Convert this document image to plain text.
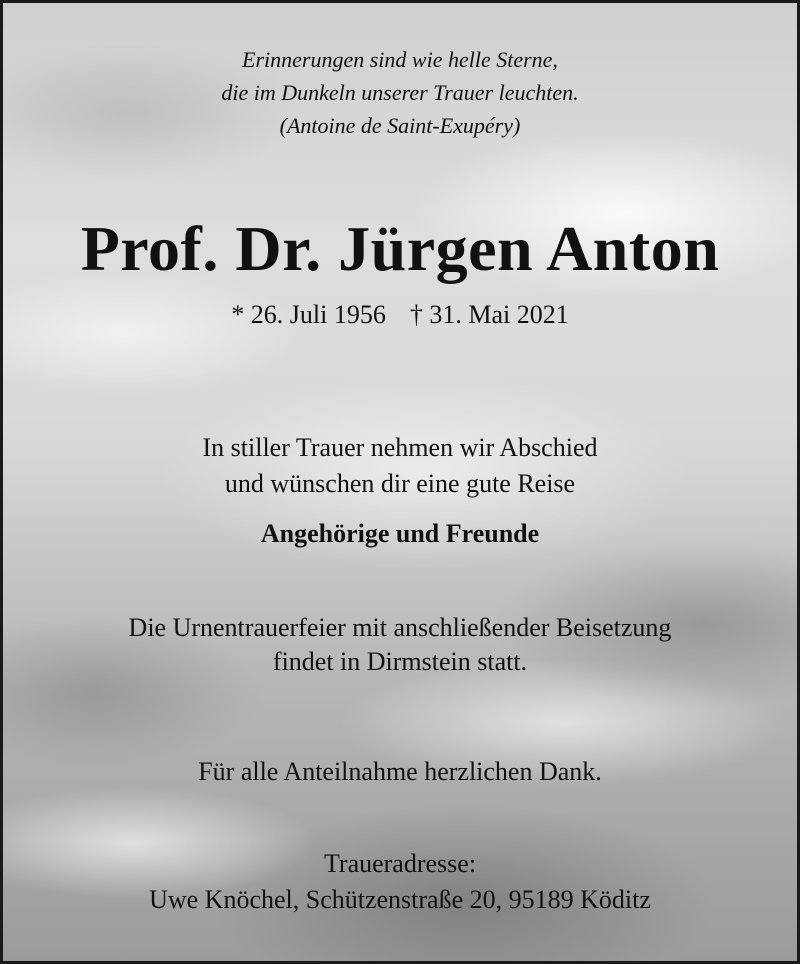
Erinnerungen sind wie helle Sterne,

die im Dunkeln unserer Trauer leuchten.

(Antoine de Saint-Exupéry)

Prof. Dr. Jürgen Anton

* 26. Juli 1956 † 31. Mai 2021

In stiller Trauer nehmen wir Abschied

und wünschen dir eine gute Reise

Angehörige und Freunde

Die Urnentrauerfeier mit anschließender Beisetzung

findet in Dirmstein statt.

Für alle Anteilnahme herzlichen Dank.

Traueradresse:

Uwe Knöchel, Schützenstraße 20, 95189 Köditz
